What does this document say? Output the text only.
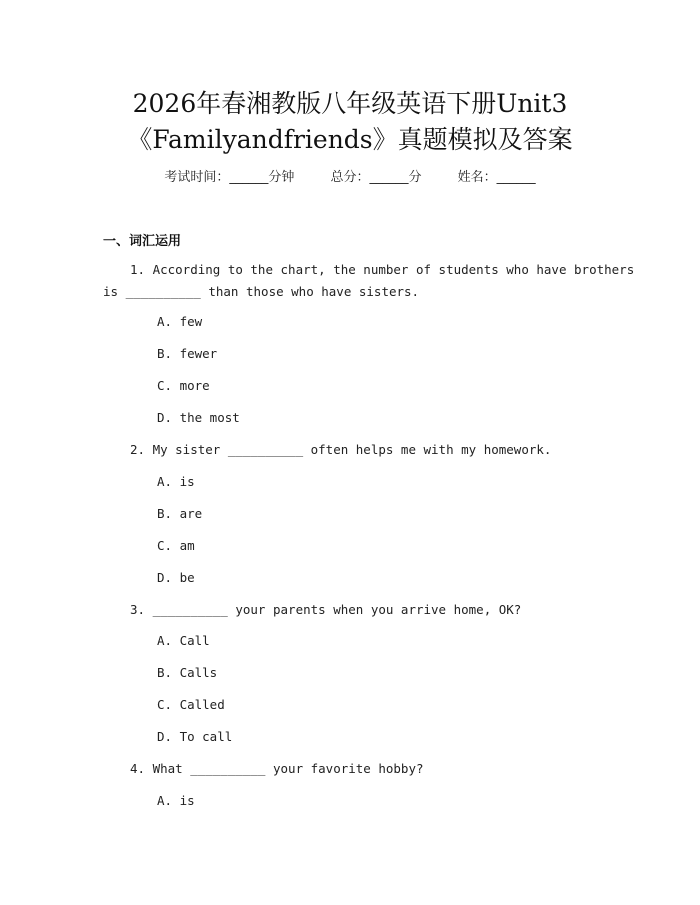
2026年春湘教版八年级英语下册Unit3
《Familyandfriends》真题模拟及答案
考试时间：______分钟	总分：______分	姓名：______
一、词汇运用
1. According to the chart, the number of students who have brothers
is __________ than those who have sisters.
A. few
B. fewer
C. more
D. the most
2. My sister __________ often helps me with my homework.
A. is
B. are
C. am
D. be
3. __________ your parents when you arrive home, OK?
A. Call
B. Calls
C. Called
D. To call
4. What __________ your favorite hobby?
A. is
